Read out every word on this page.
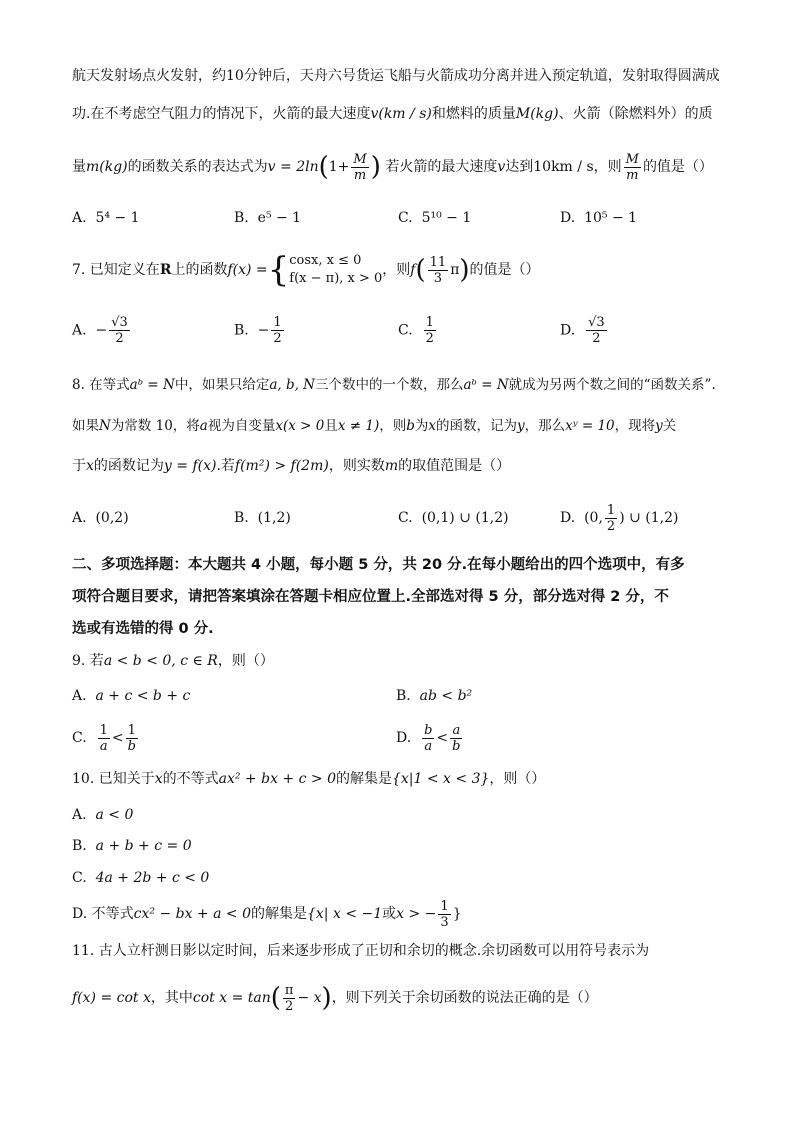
航天发射场点火发射，约10分钟后，天舟六号货运飞船与火箭成功分离并进入预定轨道，发射取得圆满成
功.在不考虑空气阻力的情况下，火箭的最大速度v(km / s)和燃料的质量M(kg)、火箭（除燃料外）的质
量m(kg)的函数关系的表达式为$v = 2\ln(1+ \frac{M}{m}$ ) 若火箭的最大速度v达到10km / s，则 $\frac{M}{m}$ 的值是（）
A. 5⁴ − 1	B. e⁵ − 1	C. 5¹⁰ − 1	D. 10⁵ − 1
7. 已知定义在R上的函数f(x) ={ cosx, x ≤ 0
f(x − π), x > 0
，则$f( \frac{11}{3} \pi)$的值是（）
A. − $\frac{√3}{2}$	B. − $\frac{1}{2}$	C. $\frac{1}{2}$	D. $\frac{√3}{2}$
8. 在等式aᵇ = N中，如果只给定a, b, N三个数中的一个数，那么aᵇ = N就成为另两个数之间的“函数关系”.
如果N为常数 10，将a视为自变量x(x > 0且x ≠ 1)，则b为x的函数，记为y，那么xʸ = 10，现将y关
于x的函数记为y = f(x).若f(m²) > f(2m)，则实数m的取值范围是（）
A. (0,2)	B. (1,2)	C. (0,1) ∪ (1,2)	D. (0, $\frac{1}{2}$ ) ∪ (1,2)
二、多项选择题：本大题共 4 小题，每小题 5 分，共 20 分.在每小题给出的四个选项中，有多
项符合题目要求，请把答案填涂在答题卡相应位置上.全部选对得 5 分，部分选对得 2 分，不
选或有选错的得 0 分.
9. 若a < b < 0, c ∈ R，则（）
A. a + c < b + c	B. ab < b²
C. $\frac{1}{a} < \frac{1}{b}$	D. $\frac{b}{a} < \frac{a}{b}$
10. 已知关于x的不等式ax² + bx + c > 0的解集是{x|1 < x < 3}，则（）
A. a < 0
B. a + b + c = 0
C. 4a + 2b + c < 0
D. 不等式cx² − bx + a < 0的解集是{x| x < −1或x > − $\frac{1}{3}$ }
11. 古人立杆测日影以定时间，后来逐步形成了正切和余切的概念.余切函数可以用符号表示为
f(x) = cot x，其中$\cot x = \tan( \frac{\pi}{2} - x)$，则下列关于余切函数的说法正确的是（）
